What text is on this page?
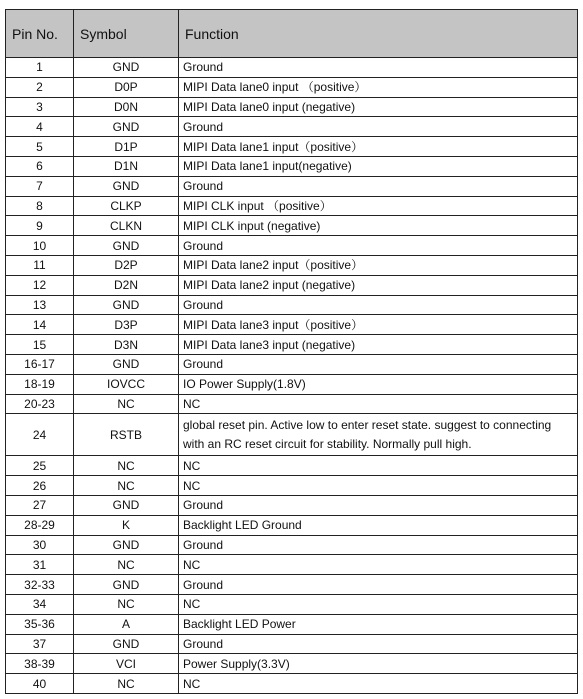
Pin No.	Symbol	Function
1	GND	Ground
2	D0P	MIPI Data lane0 input （positive）
3	D0N	MIPI Data lane0 input (negative)
4	GND	Ground
5	D1P	MIPI Data lane1 input（positive）
6	D1N	MIPI Data lane1 input(negative)
7	GND	Ground
8	CLKP	MIPI CLK input （positive）
9	CLKN	MIPI CLK input (negative)
10	GND	Ground
11	D2P	MIPI Data lane2 input（positive）
12	D2N	MIPI Data lane2 input (negative)
13	GND	Ground
14	D3P	MIPI Data lane3 input（positive）
15	D3N	MIPI Data lane3 input (negative)
16-17	GND	Ground
18-19	IOVCC	IO Power Supply(1.8V)
20-23	NC	NC
24	RSTB	global reset pin. Active low to enter reset state. suggest to connecting with an RC reset circuit for stability. Normally pull high.
25	NC	NC
26	NC	NC
27	GND	Ground
28-29	K	Backlight LED Ground
30	GND	Ground
31	NC	NC
32-33	GND	Ground
34	NC	NC
35-36	A	Backlight LED Power
37	GND	Ground
38-39	VCI	Power Supply(3.3V)
40	NC	NC
